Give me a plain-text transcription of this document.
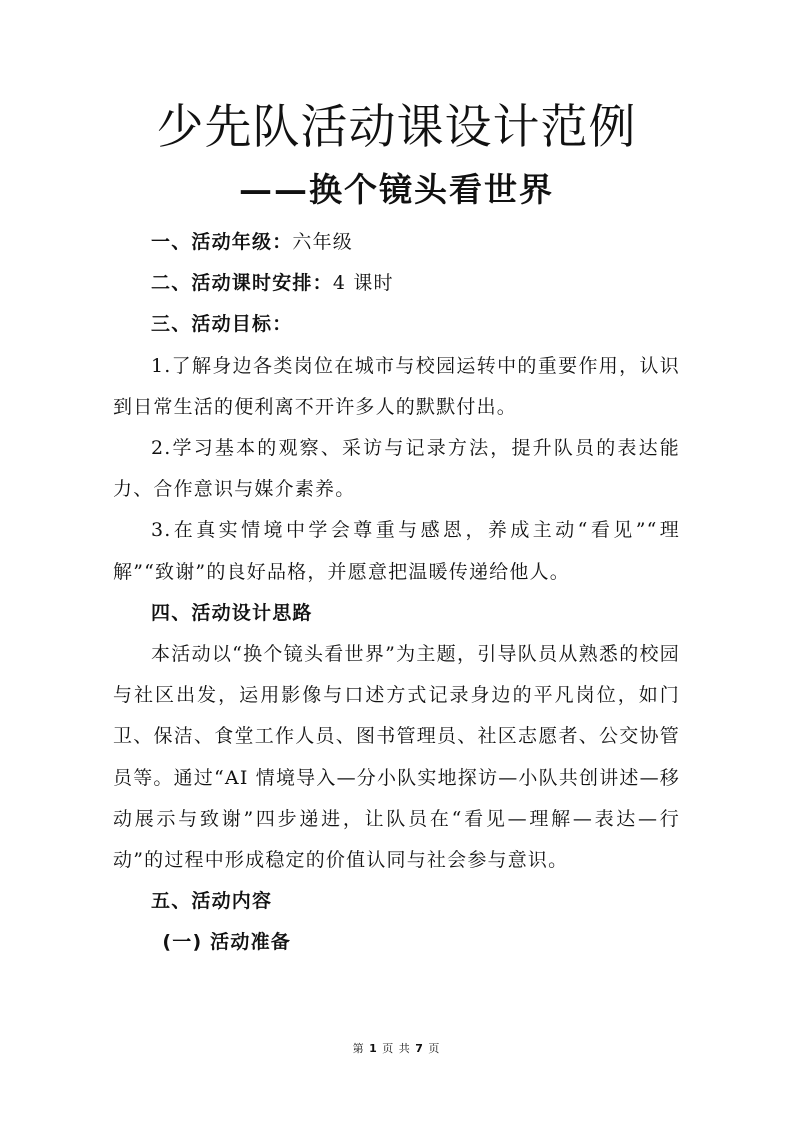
少先队活动课设计范例
——换个镜头看世界

一、活动年级：六年级

二、活动课时安排：4 课时

三、活动目标：

1.了解身边各类岗位在城市与校园运转中的重要作用，认识到日常生活的便利离不开许多人的默默付出。

2.学习基本的观察、采访与记录方法，提升队员的表达能力、合作意识与媒介素养。

3.在真实情境中学会尊重与感恩，养成主动“看见”“理解”“致谢”的良好品格，并愿意把温暖传递给他人。

四、活动设计思路

本活动以“换个镜头看世界”为主题，引导队员从熟悉的校园与社区出发，运用影像与口述方式记录身边的平凡岗位，如门卫、保洁、食堂工作人员、图书管理员、社区志愿者、公交协管员等。通过“AI 情境导入—分小队实地探访—小队共创讲述—移动展示与致谢”四步递进，让队员在“看见—理解—表达—行动”的过程中形成稳定的价值认同与社会参与意识。

五、活动内容

(一) 活动准备

第 1 页 共 7 页
